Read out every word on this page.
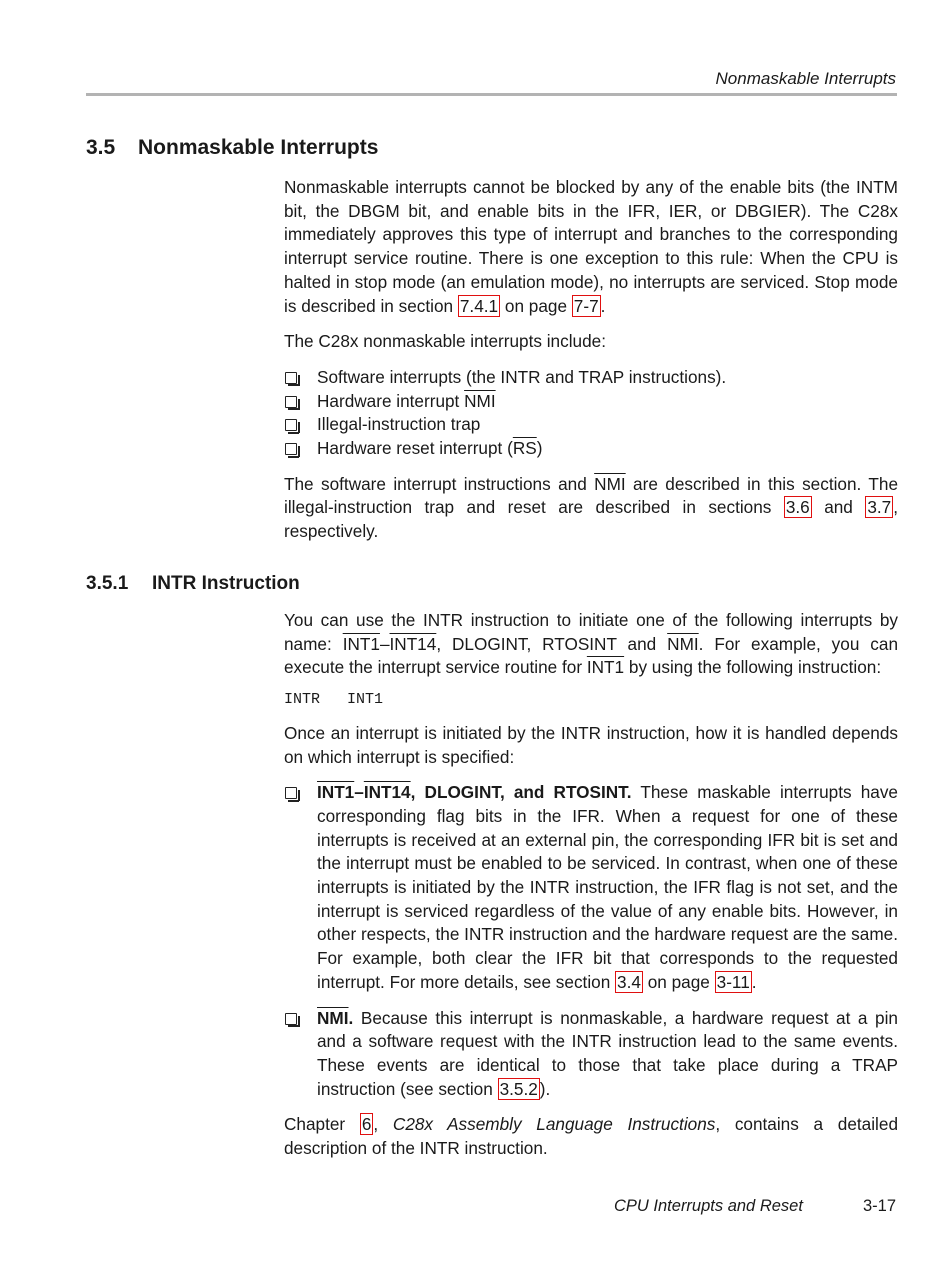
Nonmaskable Interrupts
3.5 Nonmaskable Interrupts

Nonmaskable interrupts cannot be blocked by any of the enable bits (the INTM bit, the DBGM bit, and enable bits in the IFR, IER, or DBGIER). The C28x immediately approves this type of interrupt and branches to the corresponding interrupt service routine. There is one exception to this rule: When the CPU is halted in stop mode (an emulation mode), no interrupts are serviced. Stop mode is described in section 7.4.1 on page 7-7 .

The C28x nonmaskable interrupts include:

Software interrupts (the INTR and TRAP instructions).
Hardware interrupt $\overline{NMI}$
Illegal-instruction trap
Hardware reset interrupt $(\overline{RS})$

The software interrupt instructions and $\overline{NMI}$ are described in this section. The illegal-instruction trap and reset are described in sections 3.6 and 3.7 , respectively.

3.5.1 INTR Instruction

You can use the INTR instruction to initiate one of the following interrupts by name: INT1–INT14, DLOGINT, RTOSINT and $\overline{NMI}$. For example, you can execute the interrupt service routine for INT1 by using the following instruction:

INTR   INT1

Once an interrupt is initiated by the INTR instruction, how it is handled depends on which interrupt is specified:

INT1–INT14, DLOGINT, and RTOSINT. These maskable interrupts have corresponding flag bits in the IFR. When a request for one of these interrupts is received at an external pin, the corresponding IFR bit is set and the interrupt must be enabled to be serviced. In contrast, when one of these interrupts is initiated by the INTR instruction, the IFR flag is not set, and the interrupt is serviced regardless of the value of any enable bits. However, in other respects, the INTR instruction and the hardware request are the same. For example, both clear the IFR bit that corresponds to the requested interrupt. For more details, see section 3.4 on page 3-11 .
$\overline{NMI}$. Because this interrupt is nonmaskable, a hardware request at a pin and a software request with the INTR instruction lead to the same events. These events are identical to those that take place during a TRAP instruction (see section 3.5.2 ).

Chapter 6 , C28x Assembly Language Instructions, contains a detailed description of the INTR instruction.

CPU Interrupts and Reset	3-17
